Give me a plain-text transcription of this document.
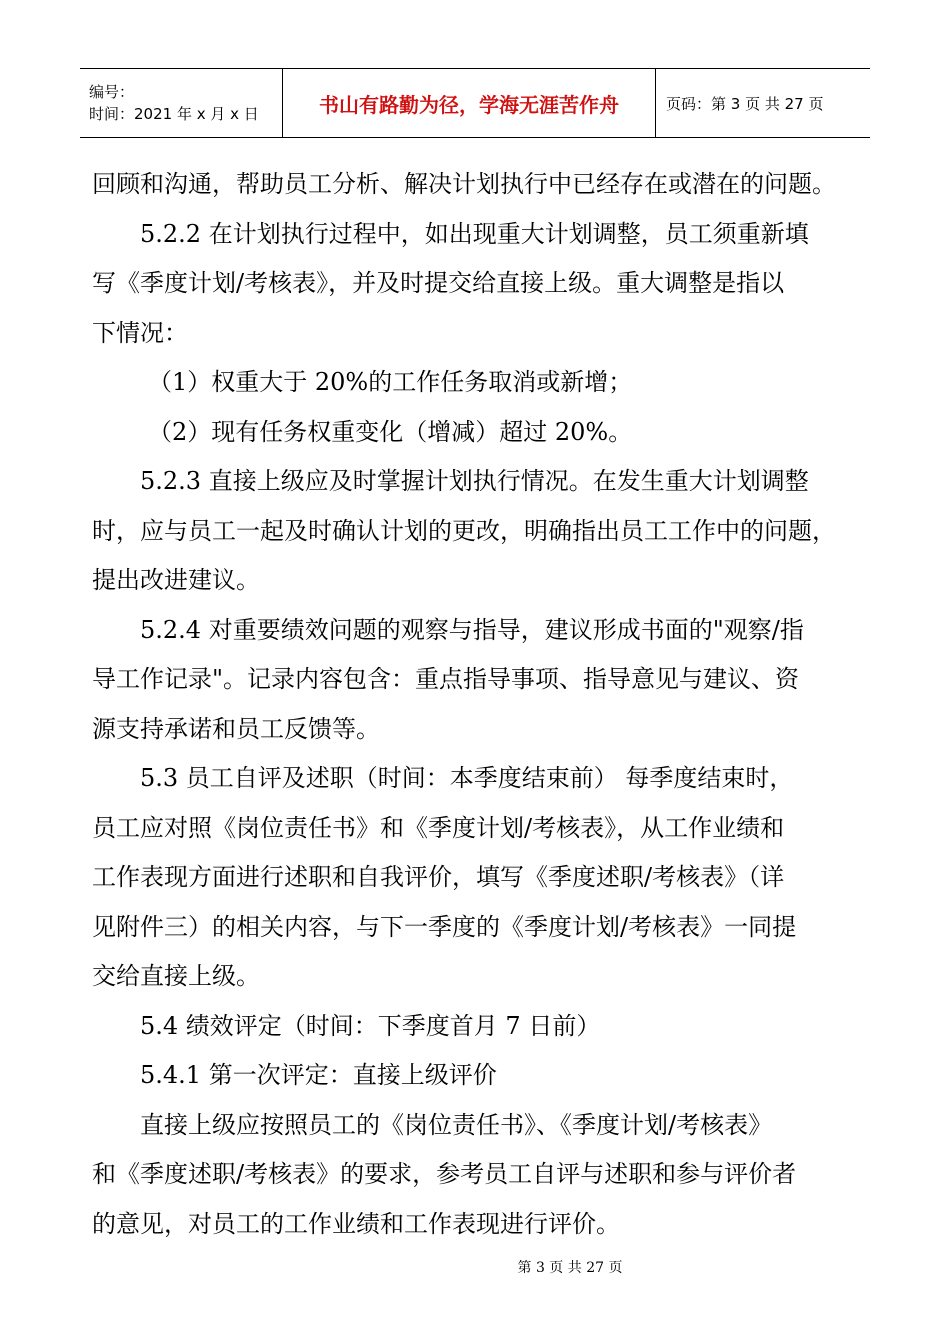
编号：
时间：2021 年 x 月 x 日	书山有路勤为径，学海无涯苦作舟	页码：第 3 页 共 27 页
回顾和沟通，帮助员工分析、解决计划执行中已经存在或潜在的问题。
5.2.2 在计划执行过程中，如出现重大计划调整，员工须重新填
写《季度计划/考核表》，并及时提交给直接上级。重大调整是指以
下情况：
（1）权重大于 20%的工作任务取消或新增；
（2）现有任务权重变化（增减）超过 20%。
5.2.3 直接上级应及时掌握计划执行情况。在发生重大计划调整
时，应与员工一起及时确认计划的更改，明确指出员工工作中的问题，
提出改进建议。
5.2.4 对重要绩效问题的观察与指导，建议形成书面的"观察/指
导工作记录"。记录内容包含：重点指导事项、指导意见与建议、资
源支持承诺和员工反馈等。
5.3 员工自评及述职（时间：本季度结束前） 每季度结束时，
员工应对照《岗位责任书》和《季度计划/考核表》，从工作业绩和
工作表现方面进行述职和自我评价，填写《季度述职/考核表》（详
见附件三）的相关内容，与下一季度的《季度计划/考核表》一同提
交给直接上级。
5.4 绩效评定（时间：下季度首月 7 日前）
5.4.1 第一次评定：直接上级评价
直接上级应按照员工的《岗位责任书》、《季度计划/考核表》
和《季度述职/考核表》的要求，参考员工自评与述职和参与评价者
的意见，对员工的工作业绩和工作表现进行评价。
第 3 页 共 27 页
